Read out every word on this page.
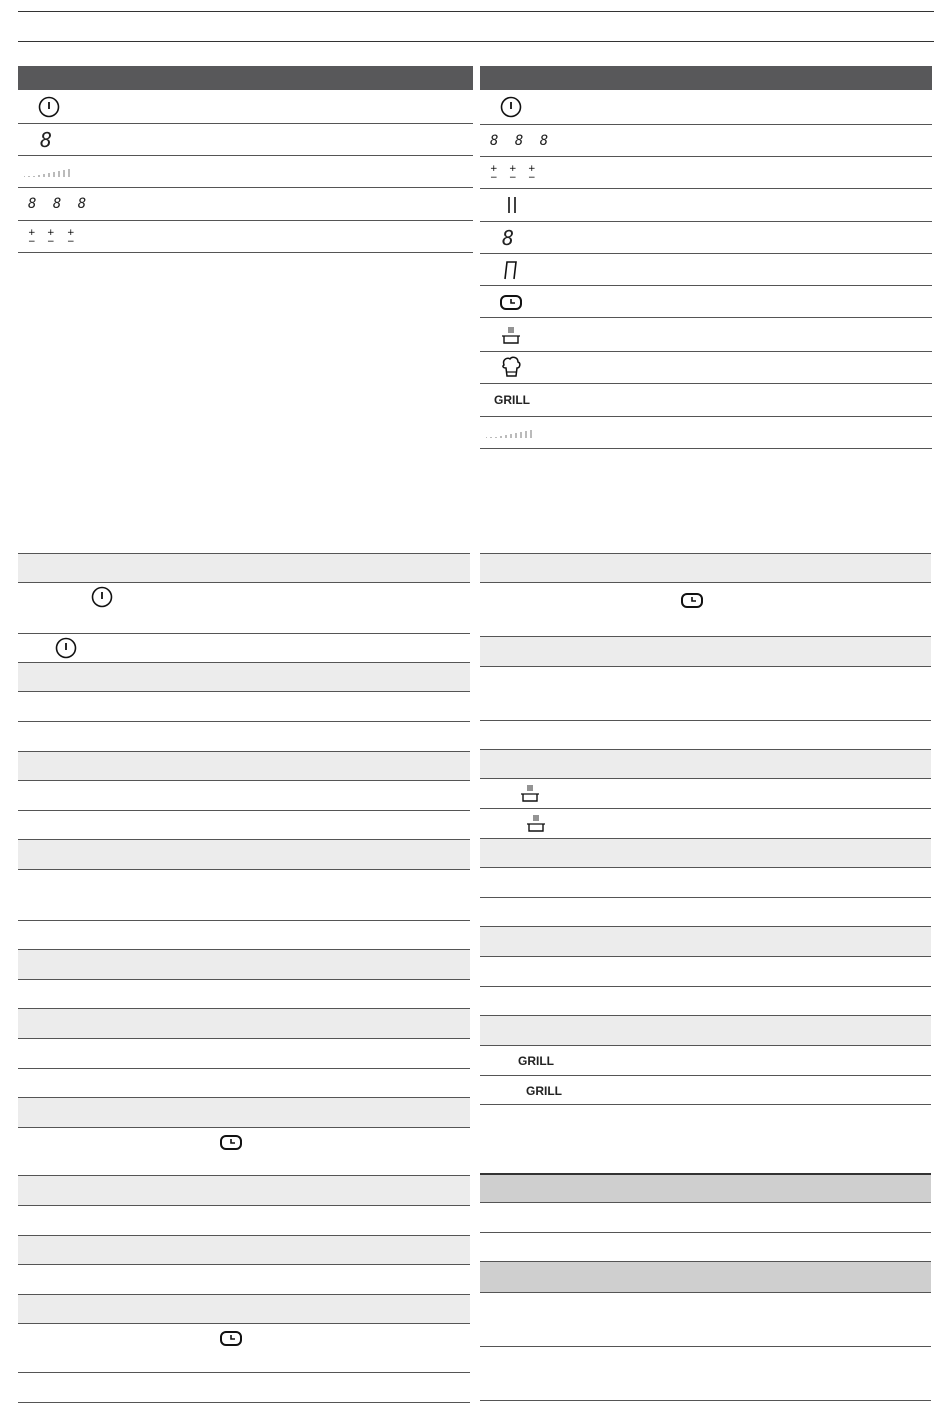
8
8 8 8
8 8 8
8
GRILL
GRILL
GRILL
